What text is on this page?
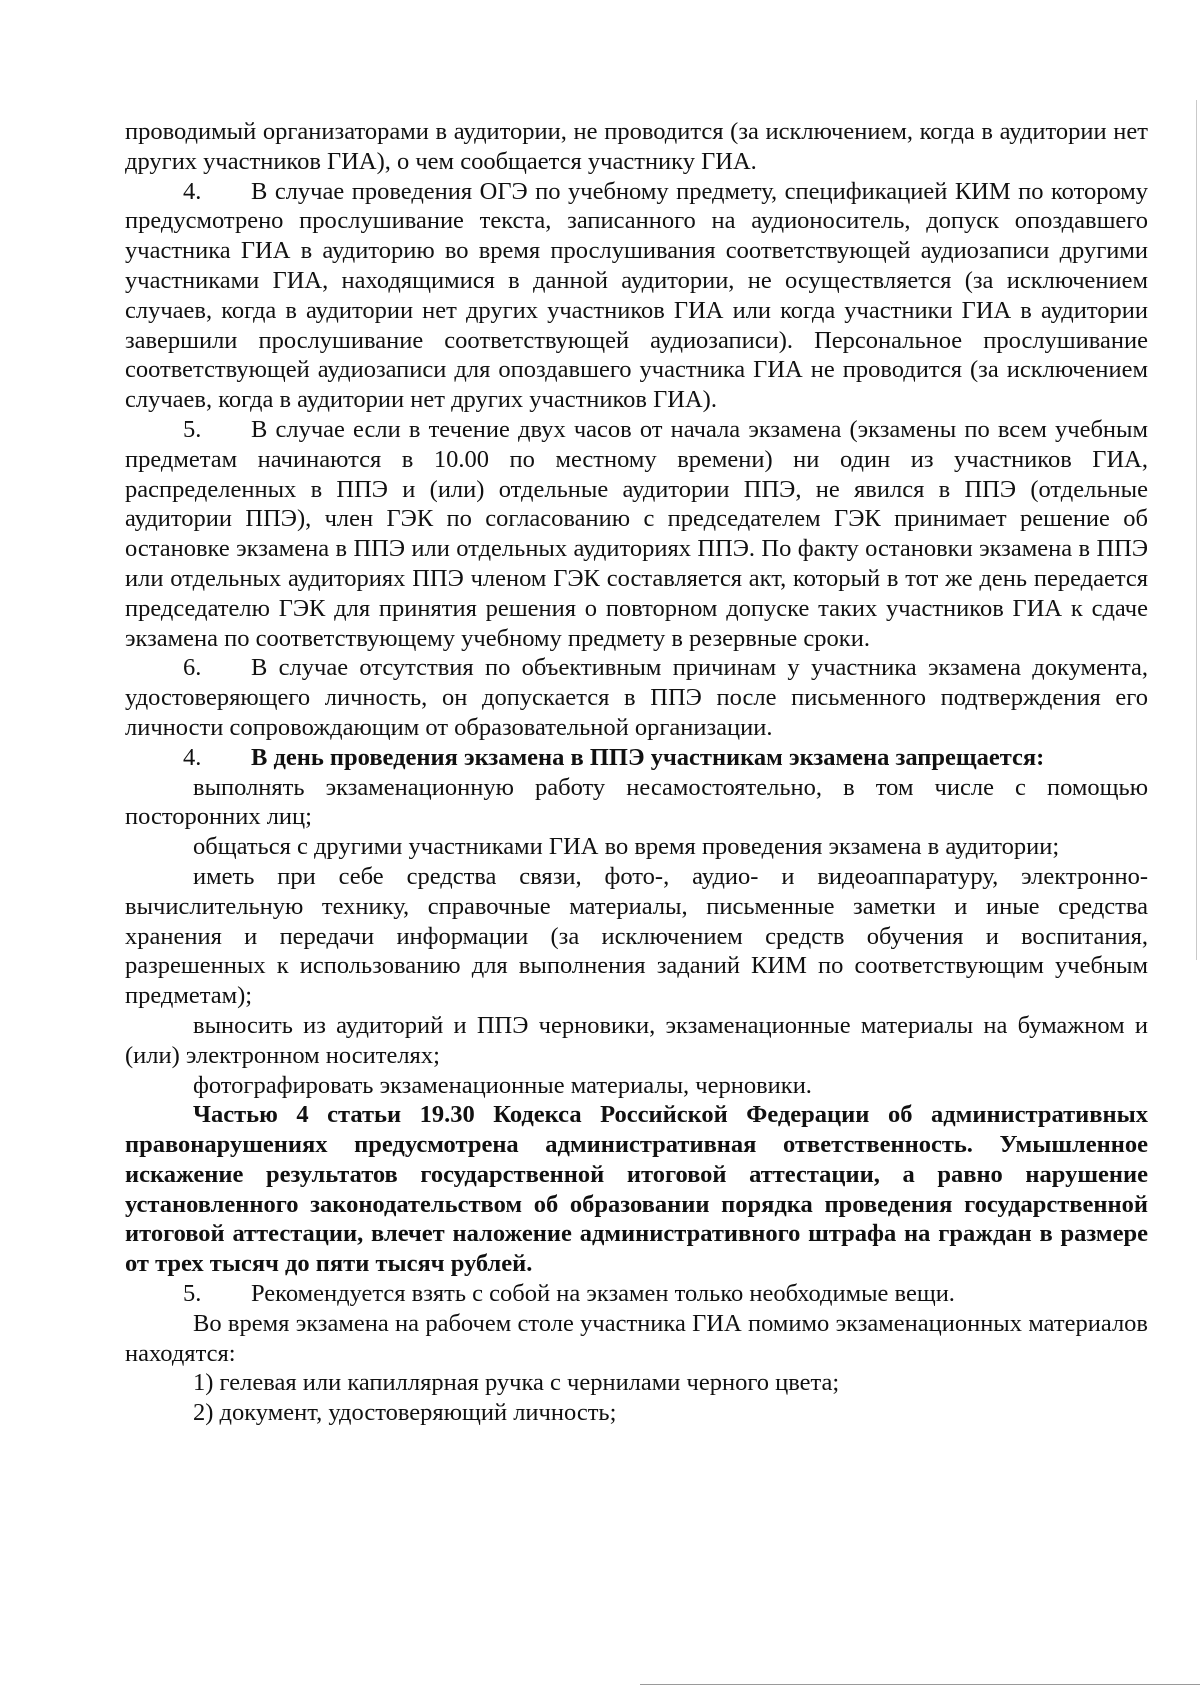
проводимый организаторами в аудитории, не проводится (за исключением, когда в аудитории нет других участников ГИА), о чем сообщается участнику ГИА.

4. В случае проведения ОГЭ по учебному предмету, спецификацией КИМ по которому предусмотрено прослушивание текста, записанного на аудионоситель, допуск опоздавшего участника ГИА в аудиторию во время прослушивания соответствующей аудиозаписи другими участниками ГИА, находящимися в данной аудитории, не осуществляется (за исключением случаев, когда в аудитории нет других участников ГИА или когда участники ГИА в аудитории завершили прослушивание соответствующей аудиозаписи). Персональное прослушивание соответствующей аудиозаписи для опоздавшего участника ГИА не проводится (за исключением случаев, когда в аудитории нет других участников ГИА).

5. В случае если в течение двух часов от начала экзамена (экзамены по всем учебным предметам начинаются в 10.00 по местному времени) ни один из участников ГИА, распределенных в ППЭ и (или) отдельные аудитории ППЭ, не явился в ППЭ (отдельные аудитории ППЭ), член ГЭК по согласованию с председателем ГЭК принимает решение об остановке экзамена в ППЭ или отдельных аудиториях ППЭ. По факту остановки экзамена в ППЭ или отдельных аудиториях ППЭ членом ГЭК составляется акт, который в тот же день передается председателю ГЭК для принятия решения о повторном допуске таких участников ГИА к сдаче экзамена по соответствующему учебному предмету в резервные сроки.

6. В случае отсутствия по объективным причинам у участника экзамена документа, удостоверяющего личность, он допускается в ППЭ после письменного подтверждения его личности сопровождающим от образовательной организации.

4. В день проведения экзамена в ППЭ участникам экзамена запрещается:

выполнять экзаменационную работу несамостоятельно, в том числе с помощью посторонних лиц;

общаться с другими участниками ГИА во время проведения экзамена в аудитории;

иметь при себе средства связи, фото-, аудио- и видеоаппаратуру, электронно-вычислительную технику, справочные материалы, письменные заметки и иные средства хранения и передачи информации (за исключением средств обучения и воспитания, разрешенных к использованию для выполнения заданий КИМ по соответствующим учебным предметам);

выносить из аудиторий и ППЭ черновики, экзаменационные материалы на бумажном и (или) электронном носителях;

фотографировать экзаменационные материалы, черновики.

Частью 4 статьи 19.30 Кодекса Российской Федерации об административных правонарушениях предусмотрена административная ответственность. Умышленное искажение результатов государственной итоговой аттестации, а равно нарушение установленного законодательством об образовании порядка проведения государственной итоговой аттестации, влечет наложение административного штрафа на граждан в размере от трех тысяч до пяти тысяч рублей.

5. Рекомендуется взять с собой на экзамен только необходимые вещи.

Во время экзамена на рабочем столе участника ГИА помимо экзаменационных материалов находятся:

1) гелевая или капиллярная ручка с чернилами черного цвета;

2) документ, удостоверяющий личность;
